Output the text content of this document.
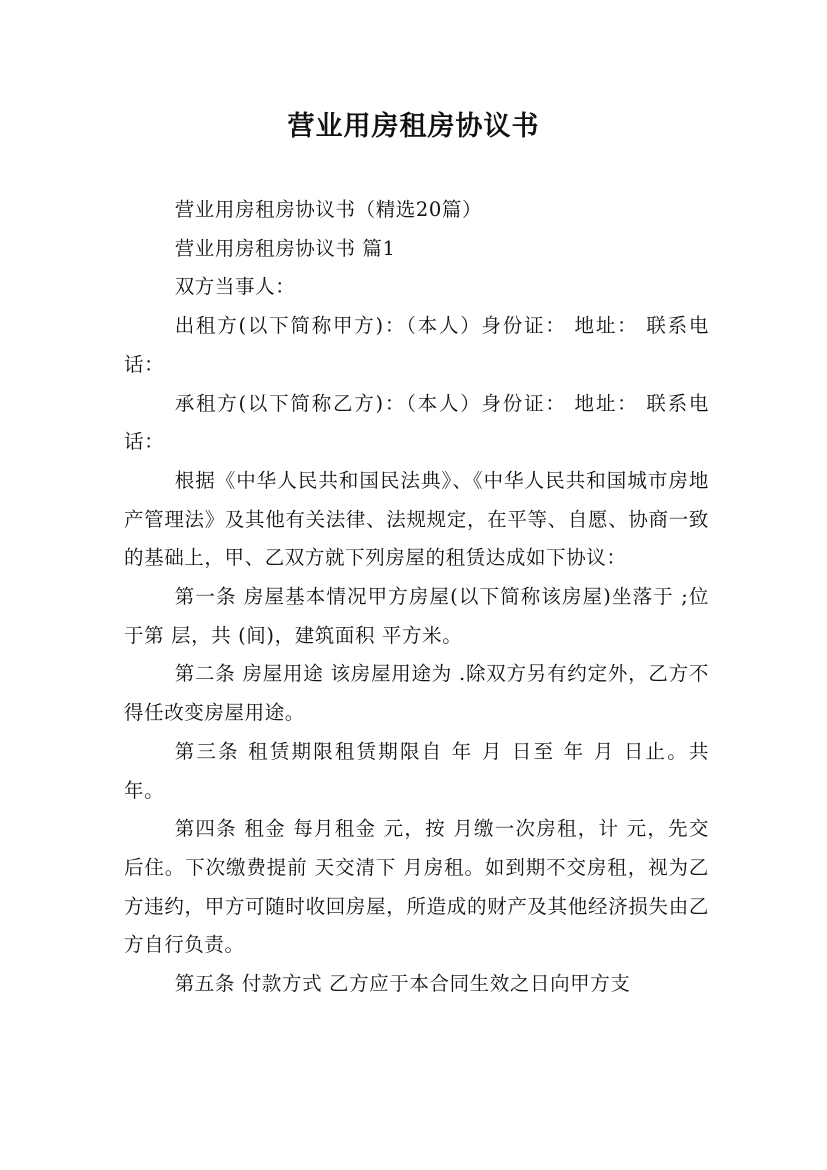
营业用房租房协议书

营业用房租房协议书（精选20篇）

营业用房租房协议书 篇1

双方当事人：

出租方(以下简称甲方)：（本人）身份证： 地址： 联系电话：

承租方(以下简称乙方)：（本人）身份证： 地址： 联系电话：

根据《中华人民共和国民法典》、《中华人民共和国城市房地产管理法》及其他有关法律、法规规定，在平等、自愿、协商一致的基础上，甲、乙双方就下列房屋的租赁达成如下协议：

第一条 房屋基本情况甲方房屋(以下简称该房屋)坐落于 ;位于第 层，共 (间)，建筑面积 平方米。

第二条 房屋用途 该房屋用途为 .除双方另有约定外，乙方不得任改变房屋用途。

第三条 租赁期限租赁期限自 年 月 日至 年 月 日止。共 年。

第四条 租金 每月租金 元，按 月缴一次房租，计 元，先交后住。下次缴费提前 天交清下 月房租。如到期不交房租，视为乙方违约，甲方可随时收回房屋，所造成的财产及其他经济损失由乙方自行负责。

第五条 付款方式 乙方应于本合同生效之日向甲方支
